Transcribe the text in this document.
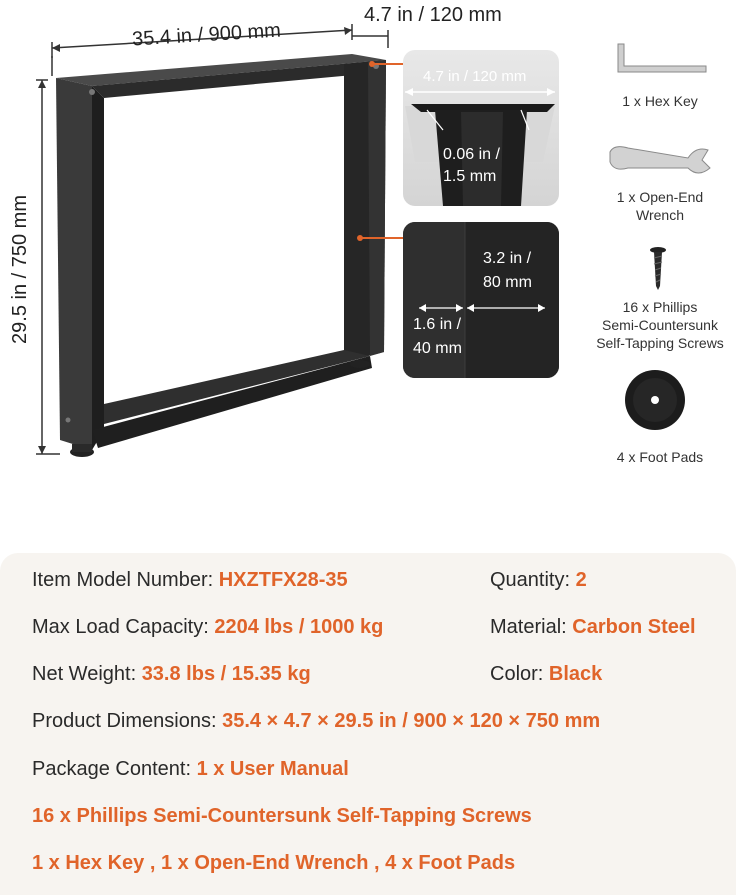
35.4 in / 900 mm
4.7 in / 120 mm
29.5 in / 750 mm
4.7 in / 120 mm
0.06 in /
1.5 mm
3.2 in /
80 mm
1.6 in /
40 mm
1 x Hex Key
1 x Open-End
Wrench
16 x Phillips
Semi-Countersunk
Self-Tapping Screws
4 x Foot Pads
Item Model Number: HXZTFX28-35	Quantity: 2
Max Load Capacity: 2204 lbs / 1000 kg	Material: Carbon Steel
Net Weight: 33.8 lbs / 15.35 kg	Color: Black
Product Dimensions: 35.4 × 4.7 × 29.5 in / 900 × 120 × 750 mm
Package Content: 1 x User Manual
16 x Phillips Semi-Countersunk Self-Tapping Screws
1 x Hex Key , 1 x Open-End Wrench , 4 x Foot Pads
